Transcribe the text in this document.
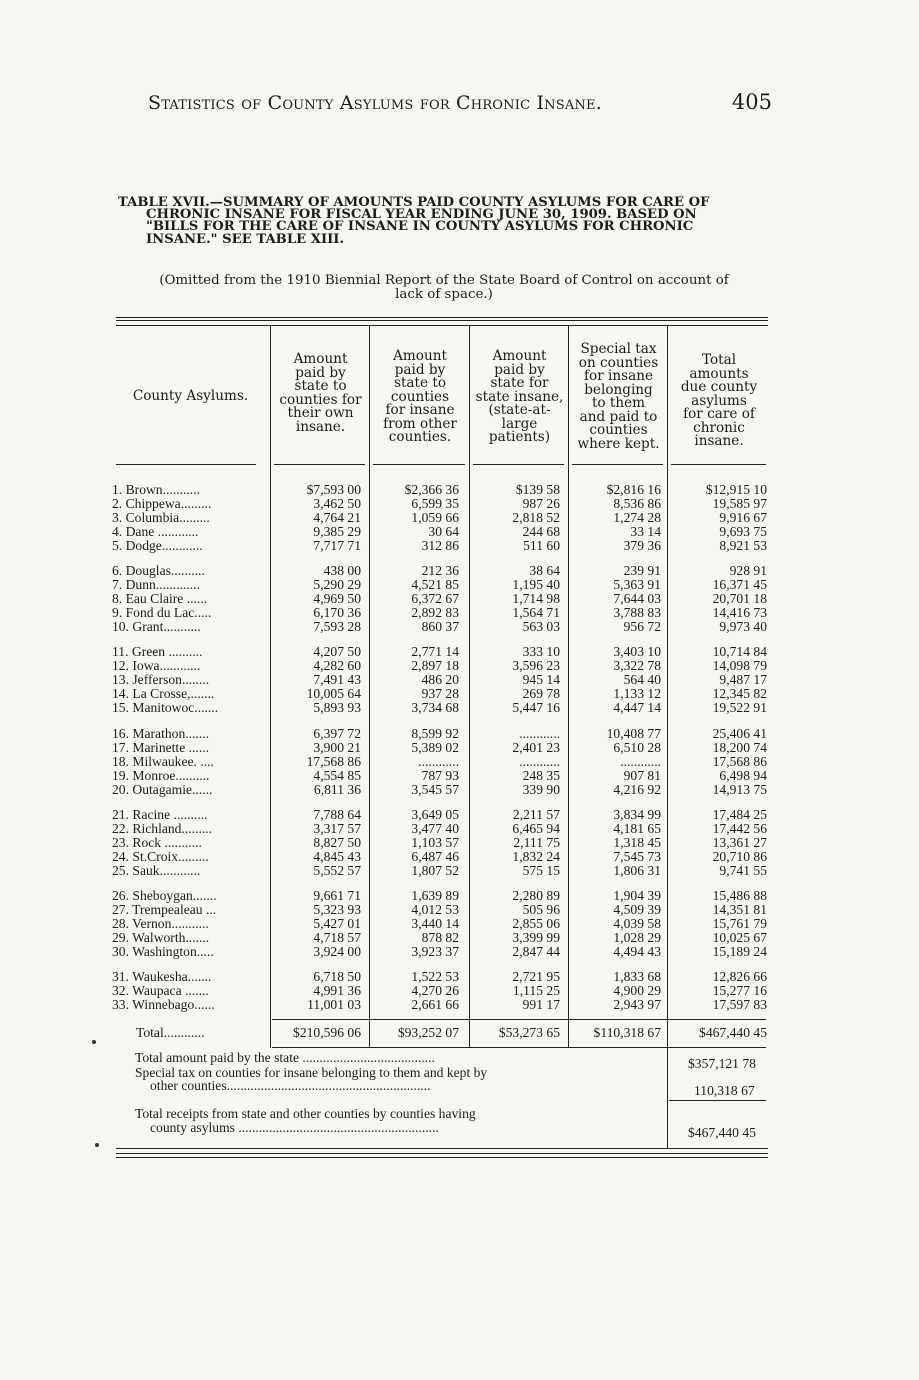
Statistics of County Asylums for Chronic Insane.	405

TABLE XVII.—SUMMARY OF AMOUNTS PAID COUNTY ASYLUMS FOR CARE OF

CHRONIC INSANE FOR FISCAL YEAR ENDING JUNE 30, 1909. BASED ON

"BILLS FOR THE CARE OF INSANE IN COUNTY ASYLUMS FOR CHRONIC

INSANE." SEE TABLE XIII.

(Omitted from the 1910 Biennial Report of the State Board of Control on account of
lack of space.)
County Asylums.
Amount
paid by
state to
counties for
their own
insane.
Amount
paid by
state to
counties
for insane
from other
counties.
Amount
paid by
state for
state insane,
(state-at-
large
patients)
Special tax
on counties
for insane
belonging
to them
and paid to
counties
where kept.
Total
amounts
due county
asylums
for care of
chronic
insane.
1. Brown...........	$7,593 00	$2,366 36	$139 58	$2,816 16	$12,915 10
2. Chippewa.........	3,462 50	6,599 35	987 26	8,536 86	19,585 97
3. Columbia.........	4,764 21	1,059 66	2,818 52	1,274 28	9,916 67
4. Dane ............	9,385 29	30 64	244 68	33 14	9,693 75
5. Dodge............	7,717 71	312 86	511 60	379 36	8,921 53
6. Douglas..........	438 00	212 36	38 64	239 91	928 91
7. Dunn.............	5,290 29	4,521 85	1,195 40	5,363 91	16,371 45
8. Eau Claire ......	4,969 50	6,372 67	1,714 98	7,644 03	20,701 18
9. Fond du Lac.....	6,170 36	2,892 83	1,564 71	3,788 83	14,416 73
10. Grant...........	7,593 28	860 37	563 03	956 72	9,973 40
11. Green ..........	4,207 50	2,771 14	333 10	3,403 10	10,714 84
12. Iowa............	4,282 60	2,897 18	3,596 23	3,322 78	14,098 79
13. Jefferson........	7,491 43	486 20	945 14	564 40	9,487 17
14. La Crosse,.......	10,005 64	937 28	269 78	1,133 12	12,345 82
15. Manitowoc.......	5,893 93	3,734 68	5,447 16	4,447 14	19,522 91
16. Marathon.......	6,397 72	8,599 92	............	10,408 77	25,406 41
17. Marinette ......	3,900 21	5,389 02	2,401 23	6,510 28	18,200 74
18. Milwaukee. ....	17,568 86	............	............	............	17,568 86
19. Monroe..........	4,554 85	787 93	248 35	907 81	6,498 94
20. Outagamie......	6,811 36	3,545 57	339 90	4,216 92	14,913 75
21. Racine ..........	7,788 64	3,649 05	2,211 57	3,834 99	17,484 25
22. Richland.........	3,317 57	3,477 40	6,465 94	4,181 65	17,442 56
23. Rock ...........	8,827 50	1,103 57	2,111 75	1,318 45	13,361 27
24. St.Croix.........	4,845 43	6,487 46	1,832 24	7,545 73	20,710 86
25. Sauk............	5,552 57	1,807 52	575 15	1,806 31	9,741 55
26. Sheboygan.......	9,661 71	1,639 89	2,280 89	1,904 39	15,486 88
27. Trempealeau ...	5,323 93	4,012 53	505 96	4,509 39	14,351 81
28. Vernon...........	5,427 01	3,440 14	2,855 06	4,039 58	15,761 79
29. Walworth.......	4,718 57	878 82	3,399 99	1,028 29	10,025 67
30. Washington.....	3,924 00	3,923 37	2,847 44	4,494 43	15,189 24
31. Waukesha.......	6,718 50	1,522 53	2,721 95	1,833 68	12,826 66
32. Waupaca .......	4,991 36	4,270 26	1,115 25	4,900 29	15,277 16
33. Winnebago......	11,001 03	2,661 66	991 17	2,943 97	17,597 83
Total............	$210,596 06	$93,252 07	$53,273 65 $110,318 67	$467,440 45
Total amount paid by the state .......................................	$357,121 78
Special tax on counties for insane belonging to them and kept by
other counties............................................................	110,318 67
Total receipts from state and other counties by counties having
county asylums ...........................................................	$467,440 45
